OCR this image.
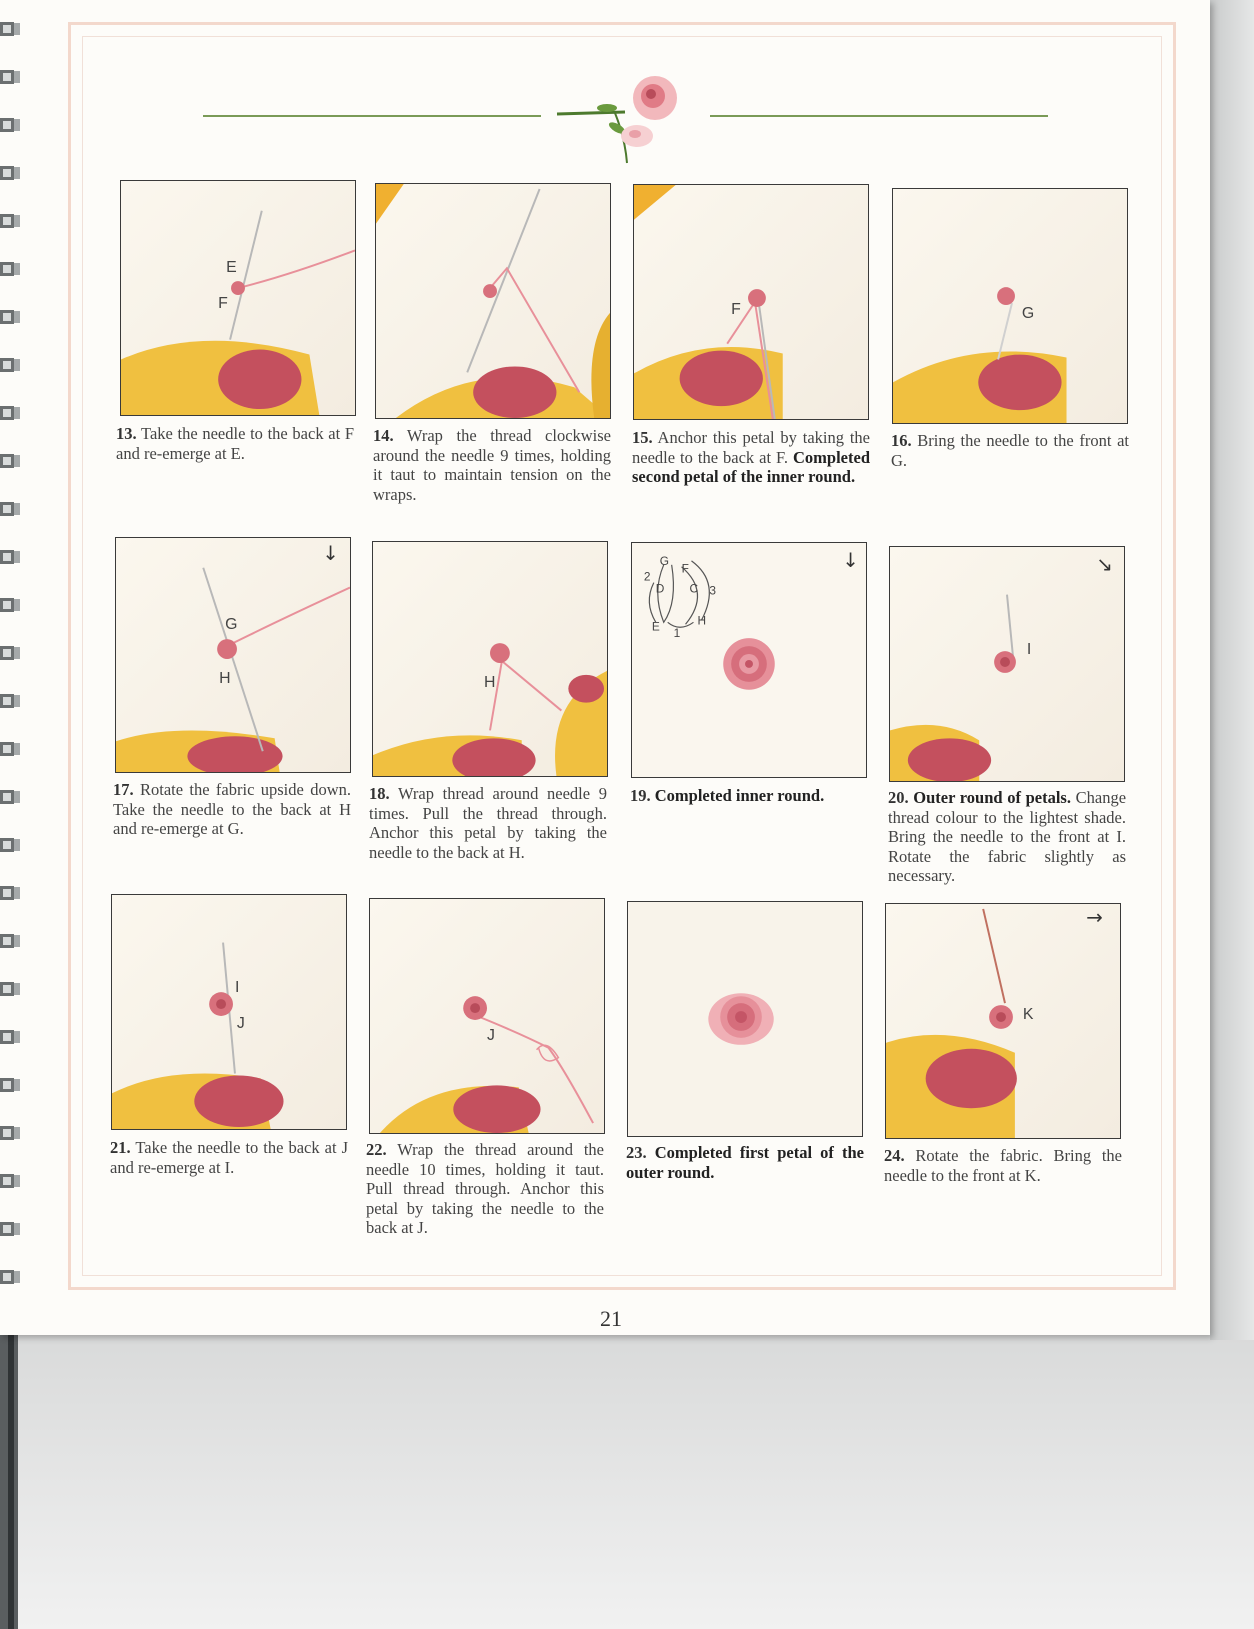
E
F
13. Take the needle to the back at F and re-emerge at E.
14. Wrap the thread clockwise around the needle 9 times, holding it taut to maintain tension on the wraps.
F
15. Anchor this petal by taking the needle to the back at F. Completed second petal of the inner round.
G
16. Bring the needle to the front at G.
G
H
↓
17. Rotate the fabric upside down. Take the needle to the back at H and re-emerge at G.
H
18. Wrap thread around needle 9 times. Pull the thread through. Anchor this petal by taking the needle to the back at H.
G
F
2
D C 3
E 1
H
↓
19. Completed inner round.
I
↘
20. Outer round of petals. Change thread colour to the lightest shade. Bring the needle to the front at I. Rotate the fabric slightly as necessary.
I
J
21. Take the needle to the back at J and re-emerge at I.
J
22. Wrap the thread around the needle 10 times, holding it taut. Pull thread through. Anchor this petal by taking the needle to the back at J.
23. Completed first petal of the outer round.
K
→
24. Rotate the fabric. Bring the needle to the front at K.
21
